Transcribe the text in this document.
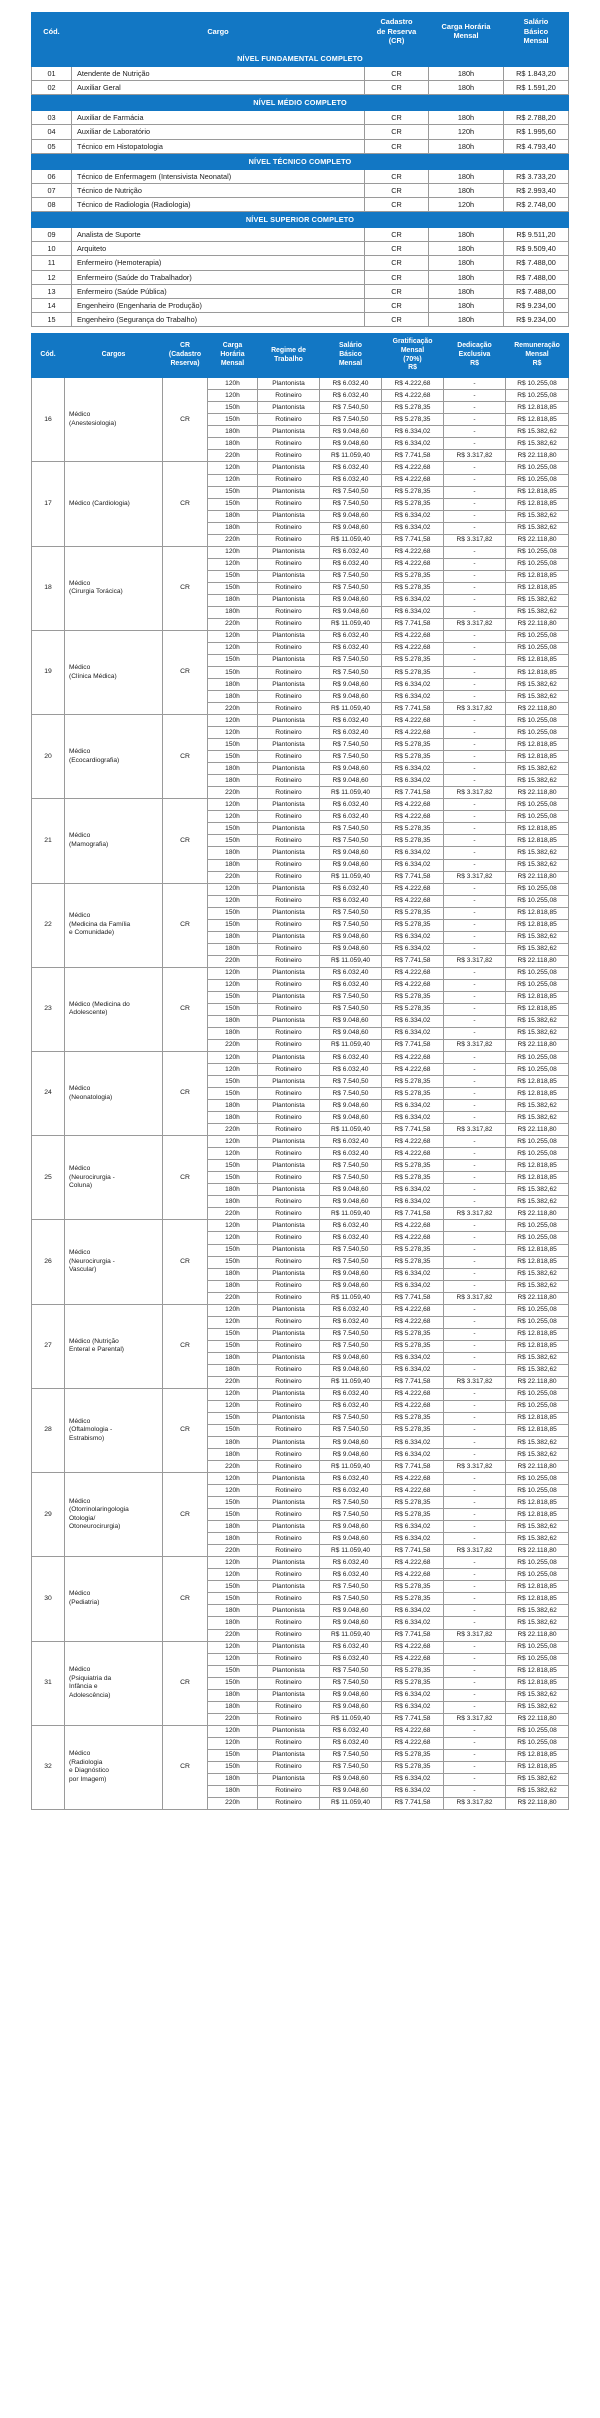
Cód.	Cargo	Cadastro
de Reserva
(CR)	Carga Horária
Mensal	Salário
Básico
Mensal

NÍVEL FUNDAMENTAL COMPLETO				
01	Atendente de Nutrição	CR	180h	R$ 1.843,20
02	Auxiliar Geral	CR	180h	R$ 1.591,20
NÍVEL MÉDIO COMPLETO				
03	Auxiliar de Farmácia	CR	180h	R$ 2.788,20
04	Auxiliar de Laboratório	CR	120h	R$ 1.995,60
05	Técnico em Histopatologia	CR	180h	R$ 4.793,40
NÍVEL TÉCNICO COMPLETO				
06	Técnico de Enfermagem (Intensivista Neonatal)	CR	180h	R$ 3.733,20
07	Técnico de Nutrição	CR	180h	R$ 2.993,40
08	Técnico de Radiologia (Radiologia)	CR	120h	R$ 2.748,00
NÍVEL SUPERIOR COMPLETO				
09	Analista de Suporte	CR	180h	R$ 9.511,20
10	Arquiteto	CR	180h	R$ 9.509,40
11	Enfermeiro (Hemoterapia)	CR	180h	R$ 7.488,00
12	Enfermeiro (Saúde do Trabalhador)	CR	180h	R$ 7.488,00
13	Enfermeiro (Saúde Pública)	CR	180h	R$ 7.488,00
14	Engenheiro (Engenharia de Produção)	CR	180h	R$ 9.234,00
15	Engenheiro (Segurança do Trabalho)	CR	180h	R$ 9.234,00
Cód.	Cargos	CR
(Cadastro
Reserva)	Carga
Horária
Mensal	Regime de
Trabalho	Salário
Básico
Mensal	Gratificação
Mensal
(70%)
R$	Dedicação
Exclusiva
R$	Remuneração
Mensal
R$

16	Médico
(Anestesiologia)	CR	120h	Plantonista	R$ 6.032,40	R$ 4.222,68	-	R$ 10.255,08
			120h	Rotineiro	R$ 6.032,40	R$ 4.222,68	-	R$ 10.255,08
			150h	Plantonista	R$ 7.540,50	R$ 5.278,35	-	R$ 12.818,85
			150h	Rotineiro	R$ 7.540,50	R$ 5.278,35	-	R$ 12.818,85
			180h	Plantonista	R$ 9.048,60	R$ 6.334,02	-	R$ 15.382,62
			180h	Rotineiro	R$ 9.048,60	R$ 6.334,02	-	R$ 15.382,62
			220h	Rotineiro	R$ 11.059,40	R$ 7.741,58	R$ 3.317,82	R$ 22.118,80
17	Médico (Cardiologia)	CR	120h	Plantonista	R$ 6.032,40	R$ 4.222,68	-	R$ 10.255,08
			120h	Rotineiro	R$ 6.032,40	R$ 4.222,68	-	R$ 10.255,08
			150h	Plantonista	R$ 7.540,50	R$ 5.278,35	-	R$ 12.818,85
			150h	Rotineiro	R$ 7.540,50	R$ 5.278,35	-	R$ 12.818,85
			180h	Plantonista	R$ 9.048,60	R$ 6.334,02	-	R$ 15.382,62
			180h	Rotineiro	R$ 9.048,60	R$ 6.334,02	-	R$ 15.382,62
			220h	Rotineiro	R$ 11.059,40	R$ 7.741,58	R$ 3.317,82	R$ 22.118,80
18	Médico
(Cirurgia Torácica)	CR	120h	Plantonista	R$ 6.032,40	R$ 4.222,68	-	R$ 10.255,08
			120h	Rotineiro	R$ 6.032,40	R$ 4.222,68	-	R$ 10.255,08
			150h	Plantonista	R$ 7.540,50	R$ 5.278,35	-	R$ 12.818,85
			150h	Rotineiro	R$ 7.540,50	R$ 5.278,35	-	R$ 12.818,85
			180h	Plantonista	R$ 9.048,60	R$ 6.334,02	-	R$ 15.382,62
			180h	Rotineiro	R$ 9.048,60	R$ 6.334,02	-	R$ 15.382,62
			220h	Rotineiro	R$ 11.059,40	R$ 7.741,58	R$ 3.317,82	R$ 22.118,80
19	Médico
(Clínica Médica)	CR	120h	Plantonista	R$ 6.032,40	R$ 4.222,68	-	R$ 10.255,08
			120h	Rotineiro	R$ 6.032,40	R$ 4.222,68	-	R$ 10.255,08
			150h	Plantonista	R$ 7.540,50	R$ 5.278,35	-	R$ 12.818,85
			150h	Rotineiro	R$ 7.540,50	R$ 5.278,35	-	R$ 12.818,85
			180h	Plantonista	R$ 9.048,60	R$ 6.334,02	-	R$ 15.382,62
			180h	Rotineiro	R$ 9.048,60	R$ 6.334,02	-	R$ 15.382,62
			220h	Rotineiro	R$ 11.059,40	R$ 7.741,58	R$ 3.317,82	R$ 22.118,80
20	Médico
(Ecocardiografia)	CR	120h	Plantonista	R$ 6.032,40	R$ 4.222,68	-	R$ 10.255,08
			120h	Rotineiro	R$ 6.032,40	R$ 4.222,68	-	R$ 10.255,08
			150h	Plantonista	R$ 7.540,50	R$ 5.278,35	-	R$ 12.818,85
			150h	Rotineiro	R$ 7.540,50	R$ 5.278,35	-	R$ 12.818,85
			180h	Plantonista	R$ 9.048,60	R$ 6.334,02	-	R$ 15.382,62
			180h	Rotineiro	R$ 9.048,60	R$ 6.334,02	-	R$ 15.382,62
			220h	Rotineiro	R$ 11.059,40	R$ 7.741,58	R$ 3.317,82	R$ 22.118,80
21	Médico
(Mamografia)	CR	120h	Plantonista	R$ 6.032,40	R$ 4.222,68	-	R$ 10.255,08
			120h	Rotineiro	R$ 6.032,40	R$ 4.222,68	-	R$ 10.255,08
			150h	Plantonista	R$ 7.540,50	R$ 5.278,35	-	R$ 12.818,85
			150h	Rotineiro	R$ 7.540,50	R$ 5.278,35	-	R$ 12.818,85
			180h	Plantonista	R$ 9.048,60	R$ 6.334,02	-	R$ 15.382,62
			180h	Rotineiro	R$ 9.048,60	R$ 6.334,02	-	R$ 15.382,62
			220h	Rotineiro	R$ 11.059,40	R$ 7.741,58	R$ 3.317,82	R$ 22.118,80
22	Médico
(Medicina da Família
e Comunidade)	CR	120h	Plantonista	R$ 6.032,40	R$ 4.222,68	-	R$ 10.255,08
			120h	Rotineiro	R$ 6.032,40	R$ 4.222,68	-	R$ 10.255,08
			150h	Plantonista	R$ 7.540,50	R$ 5.278,35	-	R$ 12.818,85
			150h	Rotineiro	R$ 7.540,50	R$ 5.278,35	-	R$ 12.818,85
			180h	Plantonista	R$ 9.048,60	R$ 6.334,02	-	R$ 15.382,62
			180h	Rotineiro	R$ 9.048,60	R$ 6.334,02	-	R$ 15.382,62
			220h	Rotineiro	R$ 11.059,40	R$ 7.741,58	R$ 3.317,82	R$ 22.118,80
23	Médico (Medicina do
Adolescente)	CR	120h	Plantonista	R$ 6.032,40	R$ 4.222,68	-	R$ 10.255,08
			120h	Rotineiro	R$ 6.032,40	R$ 4.222,68	-	R$ 10.255,08
			150h	Plantonista	R$ 7.540,50	R$ 5.278,35	-	R$ 12.818,85
			150h	Rotineiro	R$ 7.540,50	R$ 5.278,35	-	R$ 12.818,85
			180h	Plantonista	R$ 9.048,60	R$ 6.334,02	-	R$ 15.382,62
			180h	Rotineiro	R$ 9.048,60	R$ 6.334,02	-	R$ 15.382,62
			220h	Rotineiro	R$ 11.059,40	R$ 7.741,58	R$ 3.317,82	R$ 22.118,80
24	Médico
(Neonatologia)	CR	120h	Plantonista	R$ 6.032,40	R$ 4.222,68	-	R$ 10.255,08
			120h	Rotineiro	R$ 6.032,40	R$ 4.222,68	-	R$ 10.255,08
			150h	Plantonista	R$ 7.540,50	R$ 5.278,35	-	R$ 12.818,85
			150h	Rotineiro	R$ 7.540,50	R$ 5.278,35	-	R$ 12.818,85
			180h	Plantonista	R$ 9.048,60	R$ 6.334,02	-	R$ 15.382,62
			180h	Rotineiro	R$ 9.048,60	R$ 6.334,02	-	R$ 15.382,62
			220h	Rotineiro	R$ 11.059,40	R$ 7.741,58	R$ 3.317,82	R$ 22.118,80
25	Médico
(Neurocirurgia -
Coluna)	CR	120h	Plantonista	R$ 6.032,40	R$ 4.222,68	-	R$ 10.255,08
			120h	Rotineiro	R$ 6.032,40	R$ 4.222,68	-	R$ 10.255,08
			150h	Plantonista	R$ 7.540,50	R$ 5.278,35	-	R$ 12.818,85
			150h	Rotineiro	R$ 7.540,50	R$ 5.278,35	-	R$ 12.818,85
			180h	Plantonista	R$ 9.048,60	R$ 6.334,02	-	R$ 15.382,62
			180h	Rotineiro	R$ 9.048,60	R$ 6.334,02	-	R$ 15.382,62
			220h	Rotineiro	R$ 11.059,40	R$ 7.741,58	R$ 3.317,82	R$ 22.118,80
26	Médico
(Neurocirurgia -
Vascular)	CR	120h	Plantonista	R$ 6.032,40	R$ 4.222,68	-	R$ 10.255,08
			120h	Rotineiro	R$ 6.032,40	R$ 4.222,68	-	R$ 10.255,08
			150h	Plantonista	R$ 7.540,50	R$ 5.278,35	-	R$ 12.818,85
			150h	Rotineiro	R$ 7.540,50	R$ 5.278,35	-	R$ 12.818,85
			180h	Plantonista	R$ 9.048,60	R$ 6.334,02	-	R$ 15.382,62
			180h	Rotineiro	R$ 9.048,60	R$ 6.334,02	-	R$ 15.382,62
			220h	Rotineiro	R$ 11.059,40	R$ 7.741,58	R$ 3.317,82	R$ 22.118,80
27	Médico (Nutrição
Enteral e Parental)	CR	120h	Plantonista	R$ 6.032,40	R$ 4.222,68	-	R$ 10.255,08
			120h	Rotineiro	R$ 6.032,40	R$ 4.222,68	-	R$ 10.255,08
			150h	Plantonista	R$ 7.540,50	R$ 5.278,35	-	R$ 12.818,85
			150h	Rotineiro	R$ 7.540,50	R$ 5.278,35	-	R$ 12.818,85
			180h	Plantonista	R$ 9.048,60	R$ 6.334,02	-	R$ 15.382,62
			180h	Rotineiro	R$ 9.048,60	R$ 6.334,02	-	R$ 15.382,62
			220h	Rotineiro	R$ 11.059,40	R$ 7.741,58	R$ 3.317,82	R$ 22.118,80
28	Médico
(Oftalmologia -
Estrabismo)	CR	120h	Plantonista	R$ 6.032,40	R$ 4.222,68	-	R$ 10.255,08
			120h	Rotineiro	R$ 6.032,40	R$ 4.222,68	-	R$ 10.255,08
			150h	Plantonista	R$ 7.540,50	R$ 5.278,35	-	R$ 12.818,85
			150h	Rotineiro	R$ 7.540,50	R$ 5.278,35	-	R$ 12.818,85
			180h	Plantonista	R$ 9.048,60	R$ 6.334,02	-	R$ 15.382,62
			180h	Rotineiro	R$ 9.048,60	R$ 6.334,02	-	R$ 15.382,62
			220h	Rotineiro	R$ 11.059,40	R$ 7.741,58	R$ 3.317,82	R$ 22.118,80
29	Médico
(Otorrinolaringologia
Otologia/
Otoneurocirurgia)	CR	120h	Plantonista	R$ 6.032,40	R$ 4.222,68	-	R$ 10.255,08
			120h	Rotineiro	R$ 6.032,40	R$ 4.222,68	-	R$ 10.255,08
			150h	Plantonista	R$ 7.540,50	R$ 5.278,35	-	R$ 12.818,85
			150h	Rotineiro	R$ 7.540,50	R$ 5.278,35	-	R$ 12.818,85
			180h	Plantonista	R$ 9.048,60	R$ 6.334,02	-	R$ 15.382,62
			180h	Rotineiro	R$ 9.048,60	R$ 6.334,02	-	R$ 15.382,62
			220h	Rotineiro	R$ 11.059,40	R$ 7.741,58	R$ 3.317,82	R$ 22.118,80
30	Médico
(Pediatria)	CR	120h	Plantonista	R$ 6.032,40	R$ 4.222,68	-	R$ 10.255,08
			120h	Rotineiro	R$ 6.032,40	R$ 4.222,68	-	R$ 10.255,08
			150h	Plantonista	R$ 7.540,50	R$ 5.278,35	-	R$ 12.818,85
			150h	Rotineiro	R$ 7.540,50	R$ 5.278,35	-	R$ 12.818,85
			180h	Plantonista	R$ 9.048,60	R$ 6.334,02	-	R$ 15.382,62
			180h	Rotineiro	R$ 9.048,60	R$ 6.334,02	-	R$ 15.382,62
			220h	Rotineiro	R$ 11.059,40	R$ 7.741,58	R$ 3.317,82	R$ 22.118,80
31	Médico
(Psiquiatria da
Infância e
Adolescência)	CR	120h	Plantonista	R$ 6.032,40	R$ 4.222,68	-	R$ 10.255,08
			120h	Rotineiro	R$ 6.032,40	R$ 4.222,68	-	R$ 10.255,08
			150h	Plantonista	R$ 7.540,50	R$ 5.278,35	-	R$ 12.818,85
			150h	Rotineiro	R$ 7.540,50	R$ 5.278,35	-	R$ 12.818,85
			180h	Plantonista	R$ 9.048,60	R$ 6.334,02	-	R$ 15.382,62
			180h	Rotineiro	R$ 9.048,60	R$ 6.334,02	-	R$ 15.382,62
			220h	Rotineiro	R$ 11.059,40	R$ 7.741,58	R$ 3.317,82	R$ 22.118,80
32	Médico
(Radiologia
e Diagnóstico
por Imagem)	CR	120h	Plantonista	R$ 6.032,40	R$ 4.222,68	-	R$ 10.255,08
			120h	Rotineiro	R$ 6.032,40	R$ 4.222,68	-	R$ 10.255,08
			150h	Plantonista	R$ 7.540,50	R$ 5.278,35	-	R$ 12.818,85
			150h	Rotineiro	R$ 7.540,50	R$ 5.278,35	-	R$ 12.818,85
			180h	Plantonista	R$ 9.048,60	R$ 6.334,02	-	R$ 15.382,62
			180h	Rotineiro	R$ 9.048,60	R$ 6.334,02	-	R$ 15.382,62
			220h	Rotineiro	R$ 11.059,40	R$ 7.741,58	R$ 3.317,82	R$ 22.118,80
